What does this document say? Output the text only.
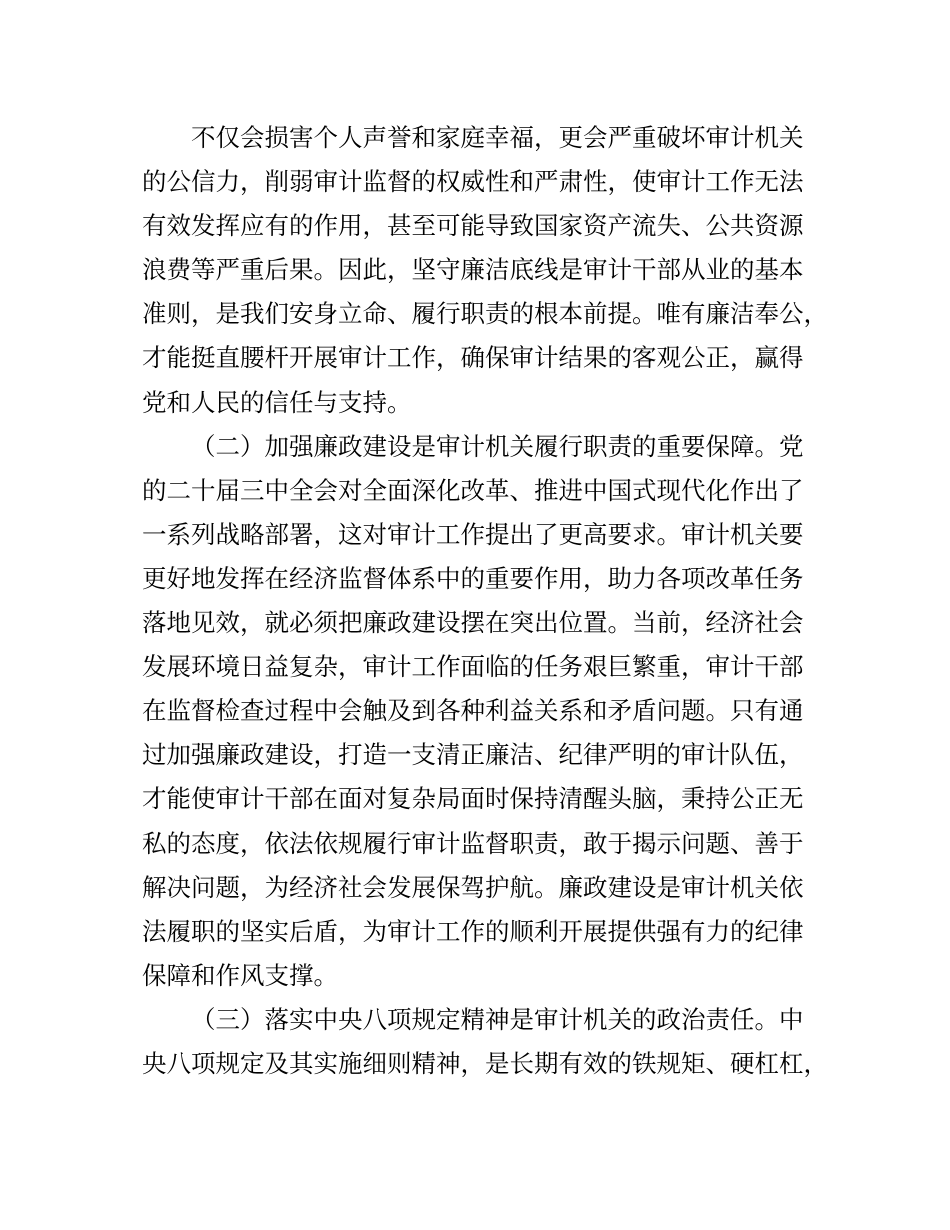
不仅会损害个人声誉和家庭幸福，更会严重破坏审计机关
的公信力，削弱审计监督的权威性和严肃性，使审计工作无法
有效发挥应有的作用，甚至可能导致国家资产流失、公共资源
浪费等严重后果。因此，坚守廉洁底线是审计干部从业的基本
准则，是我们安身立命、履行职责的根本前提。唯有廉洁奉公，
才能挺直腰杆开展审计工作，确保审计结果的客观公正，赢得
党和人民的信任与支持。
（二）加强廉政建设是审计机关履行职责的重要保障。党
的二十届三中全会对全面深化改革、推进中国式现代化作出了
一系列战略部署，这对审计工作提出了更高要求。审计机关要
更好地发挥在经济监督体系中的重要作用，助力各项改革任务
落地见效，就必须把廉政建设摆在突出位置。当前，经济社会
发展环境日益复杂，审计工作面临的任务艰巨繁重，审计干部
在监督检查过程中会触及到各种利益关系和矛盾问题。只有通
过加强廉政建设，打造一支清正廉洁、纪律严明的审计队伍，
才能使审计干部在面对复杂局面时保持清醒头脑，秉持公正无
私的态度，依法依规履行审计监督职责，敢于揭示问题、善于
解决问题，为经济社会发展保驾护航。廉政建设是审计机关依
法履职的坚实后盾，为审计工作的顺利开展提供强有力的纪律
保障和作风支撑。
（三）落实中央八项规定精神是审计机关的政治责任。中
央八项规定及其实施细则精神，是长期有效的铁规矩、硬杠杠，
